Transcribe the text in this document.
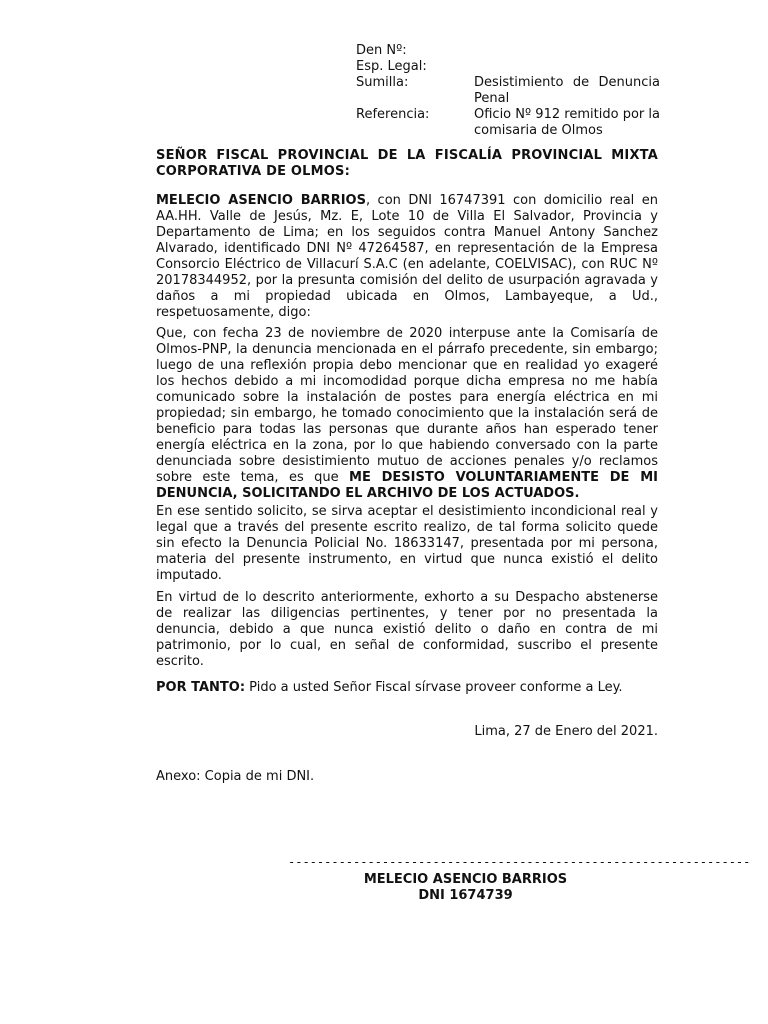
Den Nº:
Esp. Legal:
Sumilla:	Desistimiento de Denuncia Penal
Referencia:	Oficio Nº 912 remitido por la comisaria de Olmos

SEÑOR FISCAL PROVINCIAL DE LA FISCALÍA PROVINCIAL MIXTA CORPORATIVA DE OLMOS:

MELECIO ASENCIO BARRIOS, con DNI 16747391 con domicilio real en AA.HH. Valle de Jesús, Mz. E, Lote 10 de Villa El Salvador, Provincia y Departamento de Lima; en los seguidos contra Manuel Antony Sanchez Alvarado, identificado DNI Nº 47264587, en representación de la Empresa Consorcio Eléctrico de Villacurí S.A.C (en adelante, COELVISAC), con RUC Nº 20178344952, por la presunta comisión del delito de usurpación agravada y daños a mi propiedad ubicada en Olmos, Lambayeque, a Ud., respetuosamente, digo:

Que, con fecha 23 de noviembre de 2020 interpuse ante la Comisaría de Olmos-PNP, la denuncia mencionada en el párrafo precedente, sin embargo; luego de una reflexión propia debo mencionar que en realidad yo exageré los hechos debido a mi incomodidad porque dicha empresa no me había comunicado sobre la instalación de postes para energía eléctrica en mi propiedad; sin embargo, he tomado conocimiento que la instalación será de beneficio para todas las personas que durante años han esperado tener energía eléctrica en la zona, por lo que habiendo conversado con la parte denunciada sobre desistimiento mutuo de acciones penales y/o reclamos sobre este tema, es que ME DESISTO VOLUNTARIAMENTE DE MI DENUNCIA, SOLICITANDO EL ARCHIVO DE LOS ACTUADOS.

En ese sentido solicito, se sirva aceptar el desistimiento incondicional real y legal que a través del presente escrito realizo, de tal forma solicito quede sin efecto la Denuncia Policial No. 18633147, presentada por mi persona, materia del presente instrumento, en virtud que nunca existió el delito imputado.

En virtud de lo descrito anteriormente, exhorto a su Despacho abstenerse de realizar las diligencias pertinentes, y tener por no presentada la denuncia, debido a que nunca existió delito o daño en contra de mi patrimonio, por lo cual, en señal de conformidad, suscribo el presente escrito.

POR TANTO: Pido a usted Señor Fiscal sírvase proveer conforme a Ley.

Lima, 27 de Enero del 2021.

Anexo: Copia de mi DNI.

----------------------------------------------------------------
MELECIO ASENCIO BARRIOS
DNI 1674739
